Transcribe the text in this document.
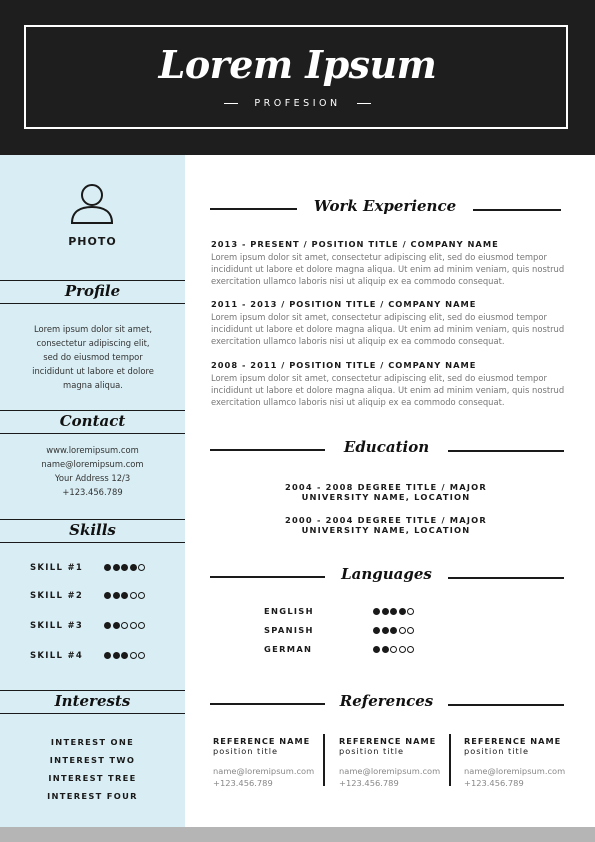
Lorem Ipsum
PROFESION
PHOTO
Profile
Lorem ipsum dolor sit amet, consectetur adipiscing elit, sed do eiusmod tempor incididunt ut labore et dolore magna aliqua.
Contact
www.loremipsum.com
name@loremipsum.com
Your Address 12/3
+123.456.789
Skills
SKILL #1
SKILL #2
SKILL #3
SKILL #4
Interests
INTEREST ONE
INTEREST TWO
INTEREST TREE
INTEREST FOUR
Work Experience
2013 - PRESENT / POSITION TITLE / COMPANY NAME
Lorem ipsum dolor sit amet, consectetur adipiscing elit, sed do eiusmod tempor
incididunt ut labore et dolore magna aliqua. Ut enim ad minim veniam, quis nostrud
exercitation ullamco laboris nisi ut aliquip ex ea commodo consequat.
2011 - 2013 / POSITION TITLE / COMPANY NAME
Lorem ipsum dolor sit amet, consectetur adipiscing elit, sed do eiusmod tempor
incididunt ut labore et dolore magna aliqua. Ut enim ad minim veniam, quis nostrud
exercitation ullamco laboris nisi ut aliquip ex ea commodo consequat.
2008 - 2011 / POSITION TITLE / COMPANY NAME
Lorem ipsum dolor sit amet, consectetur adipiscing elit, sed do eiusmod tempor
incididunt ut labore et dolore magna aliqua. Ut enim ad minim veniam, quis nostrud
exercitation ullamco laboris nisi ut aliquip ex ea commodo consequat.
Education
2004 - 2008 DEGREE TITLE / MAJOR
UNIVERSITY NAME, LOCATION
2000 - 2004 DEGREE TITLE / MAJOR
UNIVERSITY NAME, LOCATION
Languages
ENGLISH
SPANISH
GERMAN
References
REFERENCE NAME
position title
name@loremipsum.com
+123.456.789
REFERENCE NAME
position title
name@loremipsum.com
+123.456.789
REFERENCE NAME
position title
name@loremipsum.com
+123.456.789
